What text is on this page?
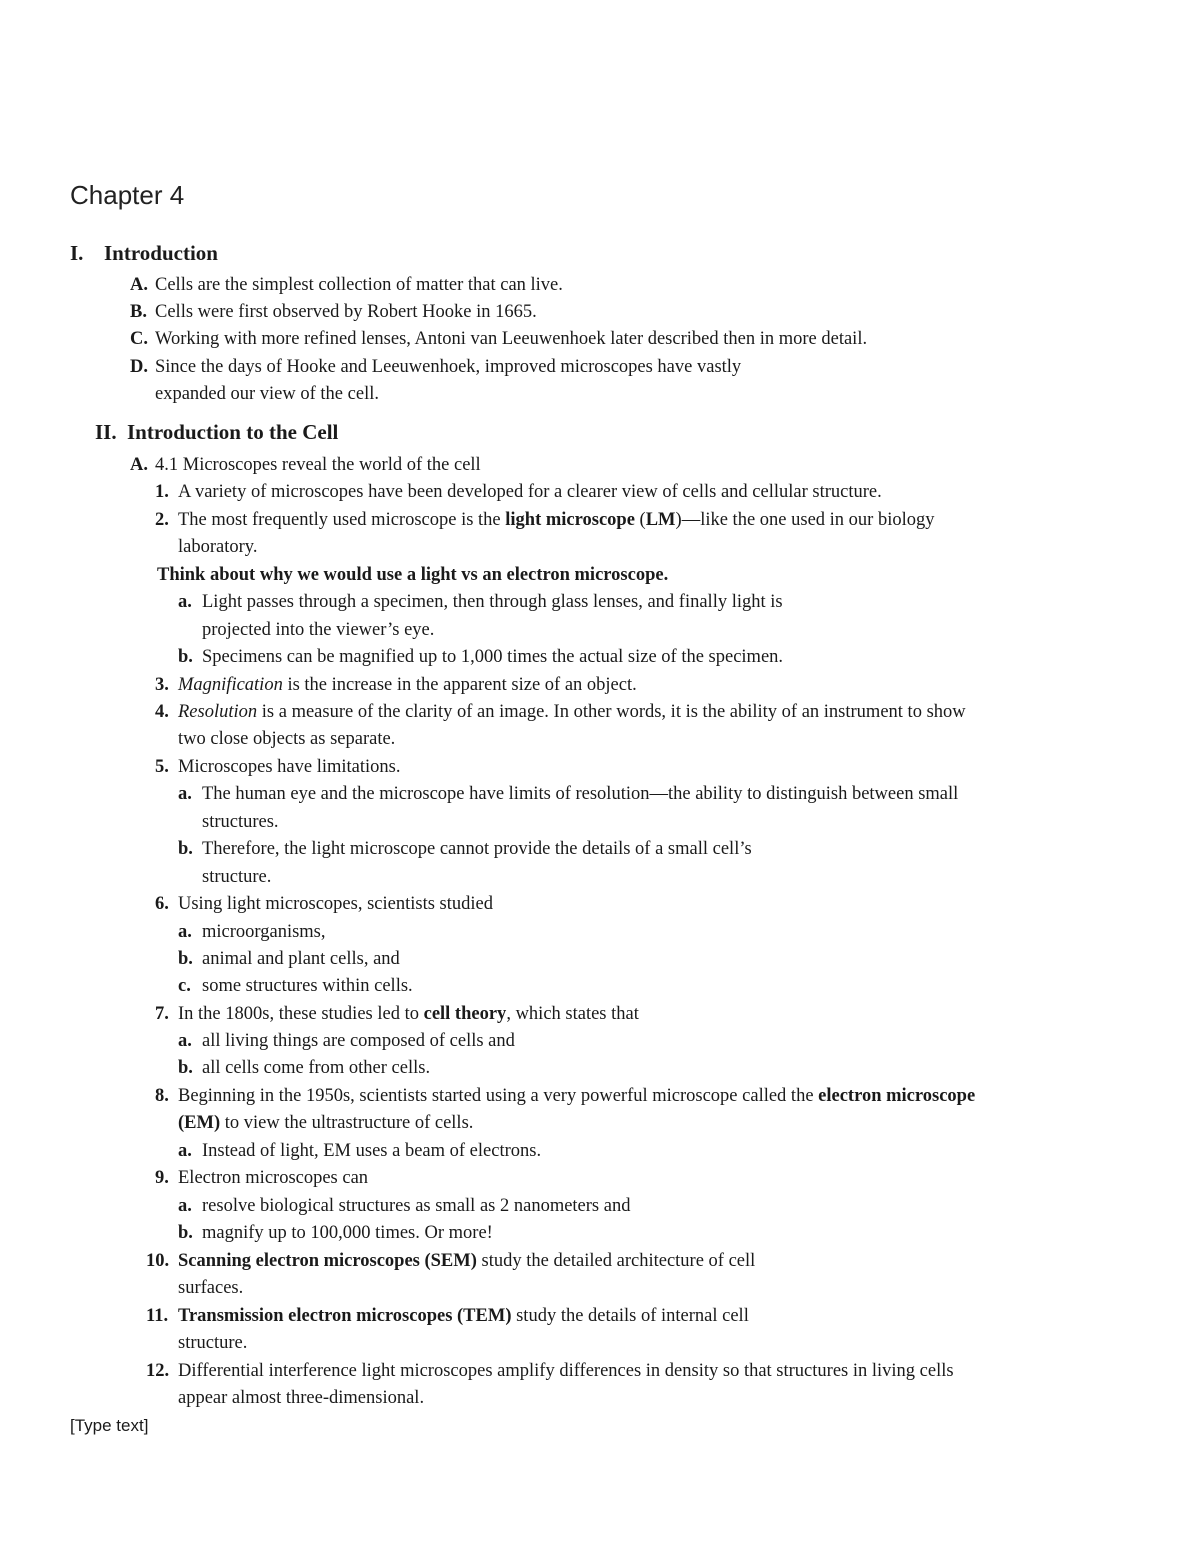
Chapter 4
I. Introduction
A. Cells are the simplest collection of matter that can live.
B. Cells were first observed by Robert Hooke in 1665.
C. Working with more refined lenses, Antoni van Leeuwenhoek later described then in more detail.
D. Since the days of Hooke and Leeuwenhoek, improved microscopes have vastly
expanded our view of the cell.
II. Introduction to the Cell
A. 4.1 Microscopes reveal the world of the cell
1. A variety of microscopes have been developed for a clearer view of cells and cellular structure.
2. The most frequently used microscope is the light microscope (LM)—like the one used in our biology
laboratory.
Think about why we would use a light vs an electron microscope.
a. Light passes through a specimen, then through glass lenses, and finally light is
projected into the viewer’s eye.
b. Specimens can be magnified up to 1,000 times the actual size of the specimen.
3. Magnification is the increase in the apparent size of an object.
4. Resolution is a measure of the clarity of an image. In other words, it is the ability of an instrument to show
two close objects as separate.
5. Microscopes have limitations.
a. The human eye and the microscope have limits of resolution—the ability to distinguish between small
structures.
b. Therefore, the light microscope cannot provide the details of a small cell’s
structure.
6. Using light microscopes, scientists studied
a. microorganisms,
b. animal and plant cells, and
c. some structures within cells.
7. In the 1800s, these studies led to cell theory, which states that
a. all living things are composed of cells and
b. all cells come from other cells.
8. Beginning in the 1950s, scientists started using a very powerful microscope called the electron microscope
(EM) to view the ultrastructure of cells.
a. Instead of light, EM uses a beam of electrons.
9. Electron microscopes can
a. resolve biological structures as small as 2 nanometers and
b. magnify up to 100,000 times. Or more!
10. Scanning electron microscopes (SEM) study the detailed architecture of cell
surfaces.
11. Transmission electron microscopes (TEM) study the details of internal cell
structure.
12. Differential interference light microscopes amplify differences in density so that structures in living cells
appear almost three-dimensional.
[Type text]
